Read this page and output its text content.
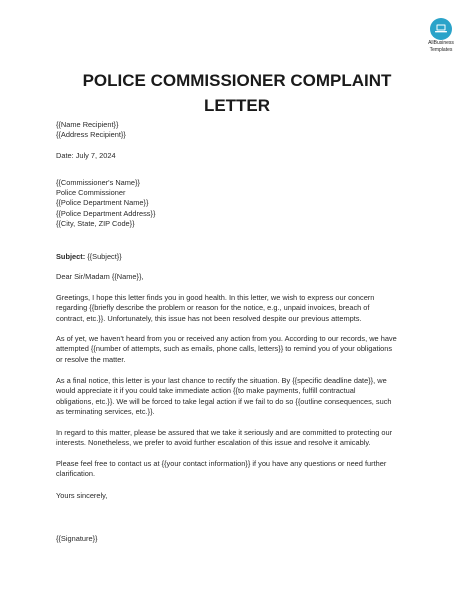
AllBusiness
Templates
POLICE COMMISSIONER COMPLAINT
LETTER
{{Name Recipient}}
{{Address Recipient}}
Date: July 7, 2024
{{Commissioner's Name}}
Police Commissioner
{{Police Department Name}}
{{Police Department Address}}
{{City, State, ZIP Code}}
Subject: {{Subject}}
Dear Sir/Madam {{Name}},
Greetings, I hope this letter finds you in good health. In this letter, we wish to express our concern
regarding {{briefly describe the problem or reason for the notice, e.g., unpaid invoices, breach of
contract, etc.}}. Unfortunately, this issue has not been resolved despite our previous attempts.
As of yet, we haven't heard from you or received any action from you. According to our records, we have
attempted {{number of attempts, such as emails, phone calls, letters}} to remind you of your obligations
or resolve the matter.
As a final notice, this letter is your last chance to rectify the situation. By {{specific deadline date}}, we
would appreciate it if you could take immediate action {{to make payments, fulfill contractual
obligations, etc.}}. We will be forced to take legal action if we fail to do so {{outline consequences, such
as terminating services, etc.}}.
In regard to this matter, please be assured that we take it seriously and are committed to protecting our
interests. Nonetheless, we prefer to avoid further escalation of this issue and resolve it amicably.
Please feel free to contact us at {{your contact information}} if you have any questions or need further
clarification.
Yours sincerely,
{{Signature}}
